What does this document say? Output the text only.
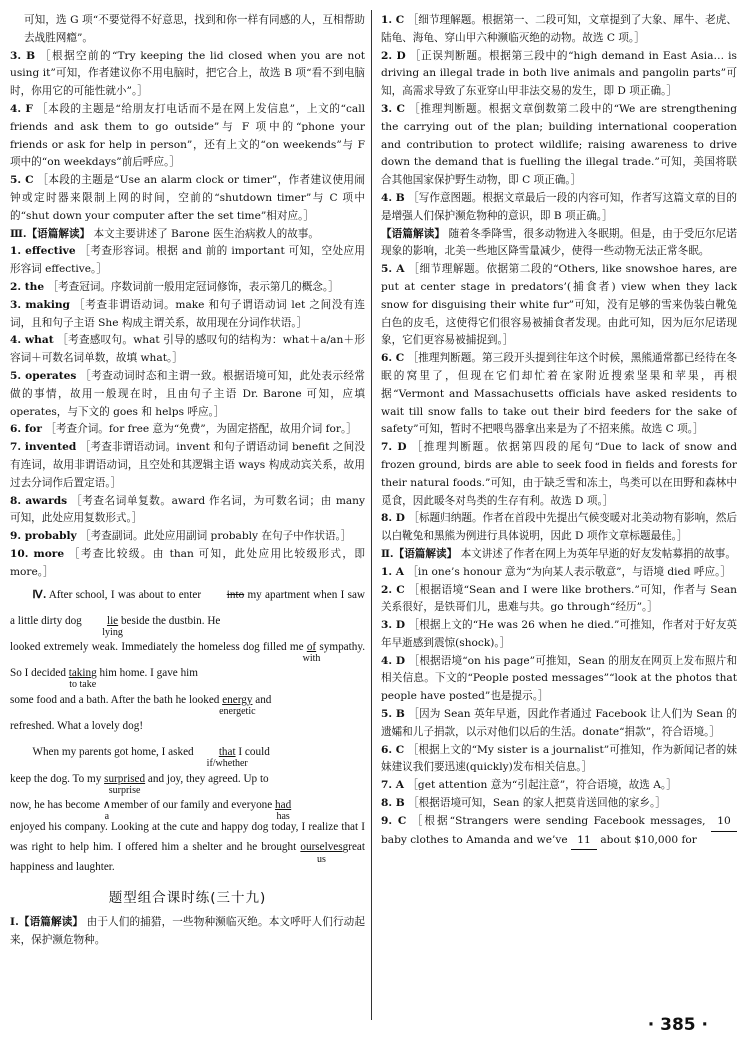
可知，选 G 项“不要觉得不好意思，找到和你一样有同感的人，互相帮助去战胜网瘾”。

3. B ［根据空前的“Try keeping the lid closed when you are not using it”可知，作者建议你不用电脑时，把它合上，故选 B 项“看不到电脑时，你用它的可能性就小”。］

4. F ［本段的主题是“给朋友打电话而不是在网上发信息”，上文的“call friends and ask them to go outside”与 F 项中的“phone your friends or ask for help in person”，还有上文的“on weekends”与 F 项中的“on weekdays”前后呼应。］

5. C ［本段的主题是“Use an alarm clock or timer”，作者建议使用闹钟或定时器来限制上网的时间，空前的“shutdown timer”与 C 项中的“shut down your computer after the set time”相对应。］

Ⅲ.【语篇解读】 本文主要讲述了 Barone 医生治病救人的故事。

1. effective ［考查形容词。根据 and 前的 important 可知，空处应用形容词 effective。］

2. the ［考查冠词。序数词前一般用定冠词修饰，表示第几的概念。］

3. making ［考查非谓语动词。make 和句子谓语动词 let 之间没有连词，且和句子主语 She 构成主谓关系，故用现在分词作状语。］

4. what ［考查感叹句。what 引导的感叹句的结构为：what＋a/an＋形容词＋可数名词单数，故填 what。］

5. operates ［考查动词时态和主谓一致。根据语境可知，此处表示经常做的事情，故用一般现在时，且由句子主语 Dr. Barone 可知，应填 operates，与下文的 goes 和 helps 呼应。］

6. for ［考查介词。for free 意为“免费”，为固定搭配，故用介词 for。］

7. invented ［考查非谓语动词。invent 和句子谓语动词 benefit 之间没有连词，故用非谓语动词，且空处和其逻辑主语 ways 构成动宾关系，故用过去分词作后置定语。］

8. awards ［考查名词单复数。award 作名词，为可数名词；由 many 可知，此处应用复数形式。］

9. probably ［考查副词。此处应用副词 probably 在句子中作状语。］

10. more ［考查比较级。由 than 可知，此处应用比较级形式，即 more。］

Ⅳ. After school, I was about to enter into my apartment when I saw a little dirty dog lie
lying
beside the dustbin. He

looked extremely weak. Immediately the homeless dog filled me of
with
sympathy. So I decided taking
to take
him home. I gave him

some food and a bath. After the bath he looked energy
energetic
and

refreshed. What a lovely dog!

When my parents got home, I asked that
if/whether
I could

keep the dog. To my surprised
surprise
and joy, they agreed. Up to

now, he has become ∧
a
member of our family and everyone had
has

enjoyed his company. Looking at the cute and happy dog today, I realize that I was right to help him. I offered him a shelter and he brought ourselves
us
great happiness and laughter.

题型组合课时练(三十九)

Ⅰ.【语篇解读】 由于人们的捕猎，一些物种濒临灭绝。本文呼吁人们行动起来，保护濒危物种。

1. C ［细节理解题。根据第一、二段可知，文章提到了大象、犀牛、老虎、陆龟、海龟、穿山甲六种濒临灭绝的动物。故选 C 项。］

2. D ［正误判断题。根据第三段中的“high demand in East Asia… is driving an illegal trade in both live animals and pangolin parts”可知，高需求导致了东亚穿山甲非法交易的发生，即 D 项正确。］

3. C ［推理判断题。根据文章倒数第二段中的“We are strengthening the carrying out of the plan; building international cooperation and contribution to protect wildlife; raising awareness to drive down the demand that is fuelling the illegal trade.”可知，美国将联合其他国家保护野生动物，即 C 项正确。］

4. B ［写作意图题。根据文章最后一段的内容可知，作者写这篇文章的目的是增强人们保护濒危物种的意识，即 B 项正确。］

【语篇解读】 随着冬季降雪，很多动物进入冬眠期。但是，由于受厄尔尼诺现象的影响，北美一些地区降雪量减少，使得一些动物无法正常冬眠。

5. A ［细节理解题。依据第二段的“Others, like snowshoe hares, are put at center stage in predators’(捕食者) view when they lack snow for disguising their white fur”可知，没有足够的雪来伪装白靴兔白色的皮毛，这使得它们很容易被捕食者发现。由此可知，因为厄尔尼诺现象，它们更容易被捕捉到。］

6. C ［推理判断题。第三段开头提到往年这个时候，黑熊通常都已经待在冬眠的窝里了，但现在它们却忙着在家附近搜索坚果和苹果，再根据“Vermont and Massachusetts officials have asked residents to wait till snow falls to take out their bird feeders for the sake of safety”可知，暂时不把喂鸟器拿出来是为了不招来熊。故选 C 项。］

7. D ［推理判断题。依据第四段的尾句“Due to lack of snow and frozen ground, birds are able to seek food in fields and forests for their natural foods.”可知，由于缺乏雪和冻土，鸟类可以在田野和森林中觅食，因此暖冬对鸟类的生存有利。故选 D 项。］

8. D ［标题归纳题。作者在首段中先提出气候变暖对北美动物有影响，然后以白靴兔和黑熊为例进行具体说明，因此 D 项作文章标题最佳。］

Ⅱ.【语篇解读】 本文讲述了作者在网上为英年早逝的好友发帖募捐的故事。

1. A ［in one’s honour 意为“为向某人表示敬意”，与语境 died 呼应。］

2. C ［根据语境“Sean and I were like brothers.”可知，作者与 Sean 关系很好，是铁哥们儿，患难与共。go through“经历”。］

3. D ［根据上文的“He was 26 when he died.”可推知，作者对于好友英年早逝感到震惊(shock)。］

4. D ［根据语境“on his page”可推知，Sean 的朋友在网页上发布照片和相关信息。下文的“People posted messages”“look at the photos that people have posted”也是提示。］

5. B ［因为 Sean 英年早逝，因此作者通过 Facebook 让人们为 Sean 的遗孀和儿子捐款，以示对他们以后的生活。donate“捐款”，符合语境。］

6. C ［根据上文的“My sister is a journalist”可推知，作为新闻记者的妹妹建议我们要迅速(quickly)发布相关信息。］

7. A ［get attention 意为“引起注意”，符合语境，故选 A。］

8. B ［根据语境可知，Sean 的家人把莫肯送回他的家乡。］

9. C ［根据“Strangers were sending Facebook messages, 10 baby clothes to Amanda and we’ve 11 about $10,000 for

· 385 ·
